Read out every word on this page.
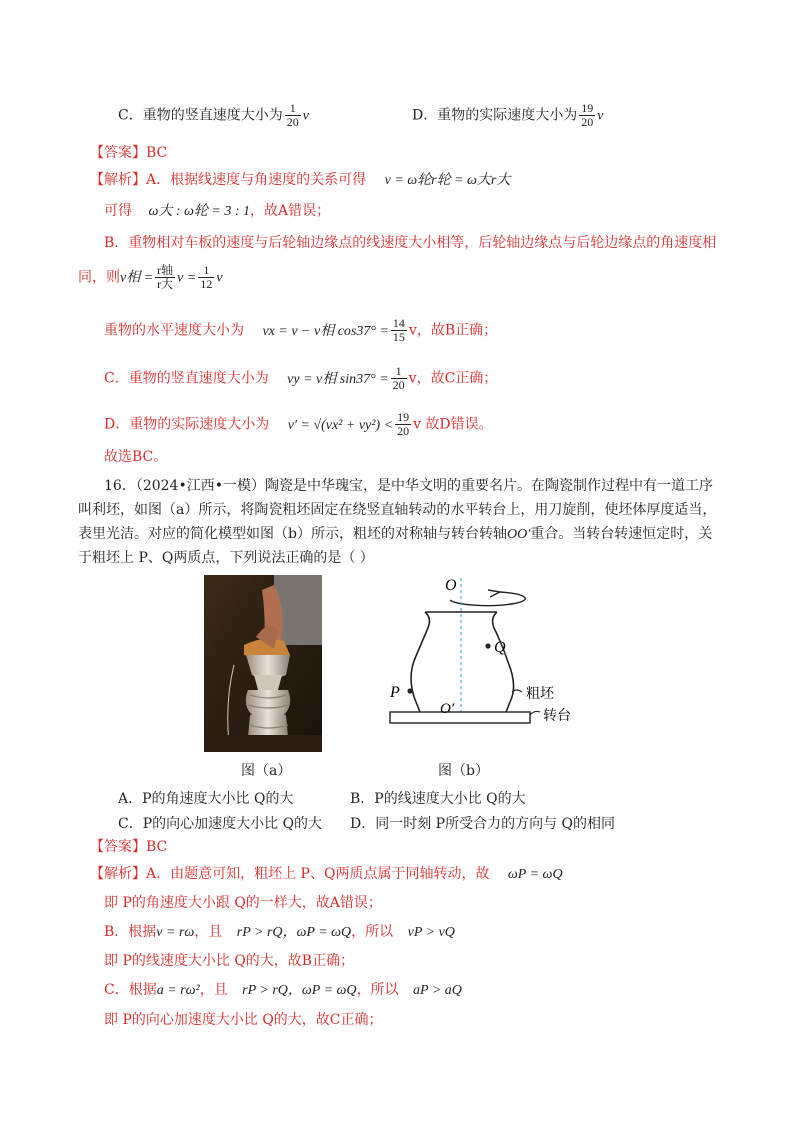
C．重物的竖直速度大小为 $\frac{1}{20}$ v	D．重物的实际速度大小为 $\frac{19}{20}$ v
【答案】BC
【解析】A．根据线速度与角速度的关系可得 v = ω轮r轮 = ω大r大
可得 ω大 : ω轮 = 3 : 1，故A错误；
B．重物相对车板的速度与后轮轴边缘点的线速度大小相等，后轮轴边缘点与后轮边缘点的角速度相
同，则v相 = $\frac{\text{r轴}}{\text{r大}}$ $v = \frac{1}{12}$ v
重物的水平速度大小为 vx = v − v相 $\cos 37^\circ = \frac{14}{15}$ v，故B正确；
C．重物的竖直速度大小为 vy = v相 $\sin 37^\circ = \frac{1}{20}$ v，故C正确；
D．重物的实际速度大小为 $v' = √(vx^2 + vy^2) < \frac{19}{20}$ v 故D错误。
故选BC。
16．（2024•江西•一模）陶瓷是中华瑰宝，是中华文明的重要名片。在陶瓷制作过程中有一道工序
叫利坯，如图（a）所示，将陶瓷粗坯固定在绕竖直轴转动的水平转台上，用刀旋削，使坯体厚度适当，
表里光洁。对应的简化模型如图（b）所示，粗坯的对称轴与转台转轴OO′重合。当转台转速恒定时，关
于粗坯上 P、Q两质点，下列说法正确的是（ ）
图（a）
O
O′
Q
P	粗坯
转台
图（b）
A．P的角速度大小比 Q的大	B．P的线速度大小比 Q的大
C．P的向心加速度大小比 Q的大 D．同一时刻 P所受合力的方向与 Q的相同
【答案】BC
【解析】A．由题意可知，粗坯上 P、Q两质点属于同轴转动，故 ωP = ωQ
即 P的角速度大小跟 Q的一样大，故A错误；
B．根据v = rω，且 rP > rQ，ωP = ωQ，所以 vP > vQ
即 P的线速度大小比 Q的大，故B正确；
C．根据a = rω²，且 rP > rQ，ωP = ωQ，所以 aP > aQ
即 P的向心加速度大小比 Q的大，故C正确；
